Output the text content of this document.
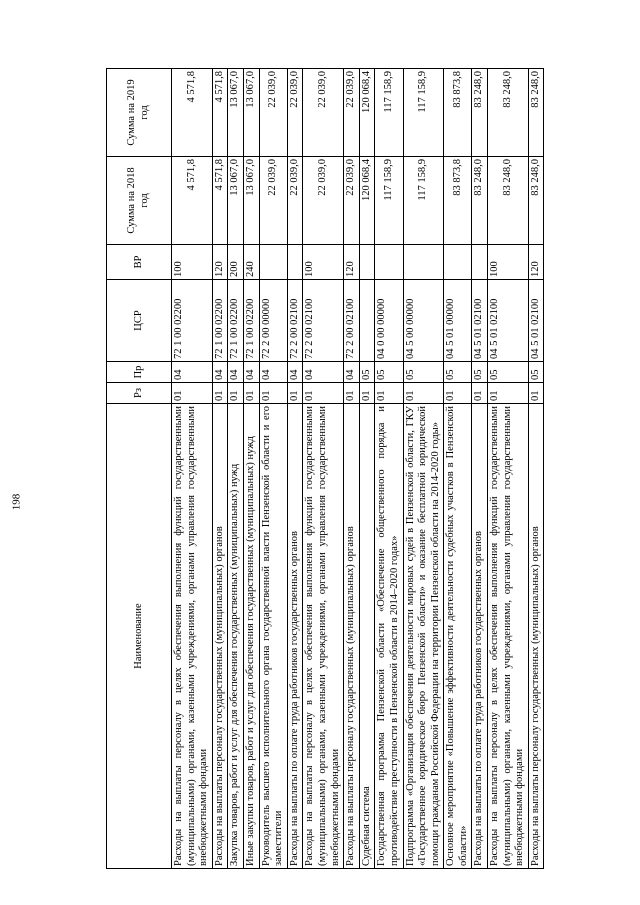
198
Наименование	Рз	Пр	ЦСР	ВР	Сумма на 2018 год	Сумма на 2019 год
Расходы на выплаты персоналу в целях обеспечения выполнения функций государственными (муниципальными) органами, казенными учреждениями, органами управления государственными внебюджетными фондами	01	04	72 1 00 02200	100	4 571,8	4 571,8
Расходы на выплаты персоналу государственных (муниципальных) органов	01	04	72 1 00 02200	120	4 571,8	4 571,8
Закупка товаров, работ и услуг для обеспечения государственных (муниципальных) нужд	01	04	72 1 00 02200	200	13 067,0	13 067,0
Иные закупки товаров, работ и услуг для обеспечения государственных (муниципальных) нужд	01	04	72 1 00 02200	240	13 067,0	13 067,0
Руководитель высшего исполнительного органа государственной власти Пензенской области и его заместители	01	04	72 2 00 00000		22 039,0	22 039,0
Расходы на выплаты по оплате труда работников государственных органов	01	04	72 2 00 02100		22 039,0	22 039,0
Расходы на выплаты персоналу в целях обеспечения выполнения функций государственными (муниципальными) органами, казенными учреждениями, органами управления государственными внебюджетными фондами	01	04	72 2 00 02100	100	22 039,0	22 039,0
Расходы на выплаты персоналу государственных (муниципальных) органов	01	04	72 2 00 02100	120	22 039,0	22 039,0
Судебная система	01	05			120 068,4	120 068,4
Государственная программа Пензенской области «Обеспечение общественного порядка и противодействие преступности в Пензенской области в 2014–2020 годах»	01	05	04 0 00 00000		117 158,9	117 158,9
Подпрограмма «Организация обеспечения деятельности мировых судей в Пензенской области, ГКУ «Государственное юридическое бюро Пензенской области» и оказание бесплатной юридической помощи гражданам Российской Федерации на территории Пензенской области на 2014-2020 годы»	01	05	04 5 00 00000		117 158,9	117 158,9
Основное мероприятие «Повышение эффективности деятельности судебных участков в Пензенской области»	01	05	04 5 01 00000		83 873,8	83 873,8
Расходы на выплаты по оплате труда работников государственных органов	01	05	04 5 01 02100		83 248,0	83 248,0
Расходы на выплаты персоналу в целях обеспечения выполнения функций государственными (муниципальными) органами, казенными учреждениями, органами управления государственными внебюджетными фондами	01	05	04 5 01 02100	100	83 248,0	83 248,0
Расходы на выплаты персоналу государственных (муниципальных) органов	01	05	04 5 01 02100	120	83 248,0	83 248,0
